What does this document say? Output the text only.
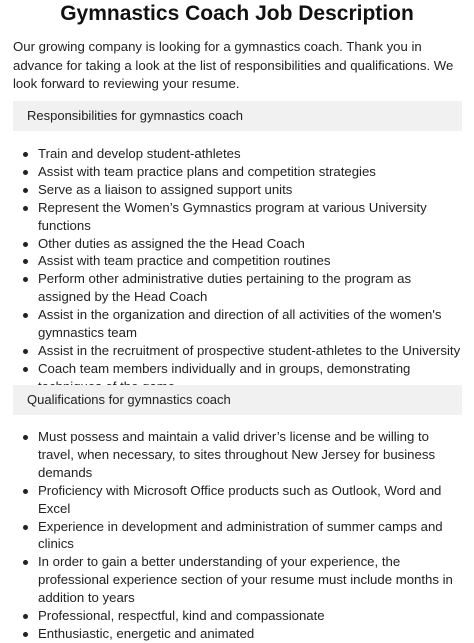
Gymnastics Coach Job Description

Our growing company is looking for a gymnastics coach. Thank you in advance for taking a look at the list of responsibilities and qualifications. We look forward to reviewing your resume.

Responsibilities for gymnastics coach
Train and develop student-athletes
Assist with team practice plans and competition strategies
Serve as a liaison to assigned support units
Represent the Women’s Gymnastics program at various University functions
Other duties as assigned the the Head Coach
Assist with team practice and competition routines
Perform other administrative duties pertaining to the program as assigned by the Head Coach
Assist in the organization and direction of all activities of the women's gymnastics team
Assist in the recruitment of prospective student-athletes to the University
Coach team members individually and in groups, demonstrating
Qualifications for gymnastics coach
Must possess and maintain a valid driver’s license and be willing to travel, when necessary, to sites throughout New Jersey for business demands
Proficiency with Microsoft Office products such as Outlook, Word and Excel
Experience in development and administration of summer camps and clinics
In order to gain a better understanding of your experience, the professional experience section of your resume must include months in addition to years
Professional, respectful, kind and compassionate
Enthusiastic, energetic and animated
